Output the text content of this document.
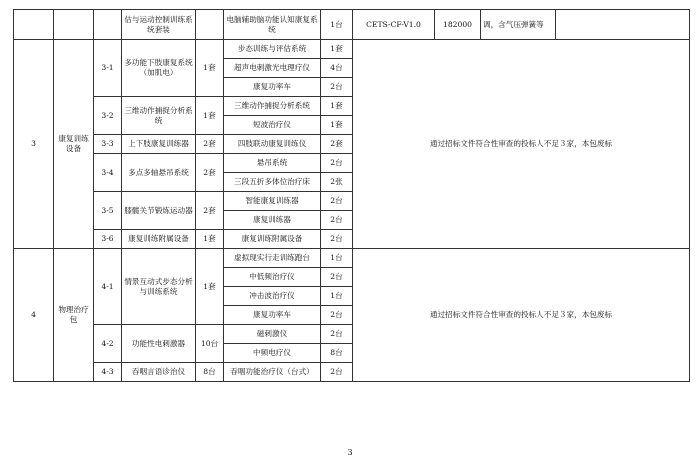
			估与运动控制训练系统套装		电脑辅助脑功能认知康复系统	1台	CETS-CF-V1.0	182000	调，含气压弹簧等	
3	康复训练设备	3-1	多功能下肢康复系统（加肌电）	1套	步态训练与评估系统	1套	通过招标文件符合性审查的投标人不足３家，本包废标			
					超声电刺激光电理疗仪	4台				
					康复功率车	2台				
		3-2	三维动作捕捉分析系统	1套	三维动作捕捉分析系统	1套				
					短波治疗仪	1套				
		3-3	上下肢康复训练器	2套	四肢联动康复训练仪	2套				
		3-4	多点多轴悬吊系统	2套	悬吊系统	2台				
					三段五折多体位治疗床	2张				
		3-5	膝髋关节锻炼运动器	2套	智能康复训练器	2台				
					康复训练器	2台				
		3-6	康复训练附属设备	1套	康复训练附属设备	2台				
4	物理治疗包	4-1	情景互动式步态分析与训练系统	1套	虚拟现实行走训练跑台	1台	通过招标文件符合性审查的投标人不足３家，本包废标			
					中低频治疗仪	2台				
					冲击波治疗仪	1台				
					康复功率车	2台				
		4-2	功能性电刺激器	10台	磁刺激仪	2台				
					中频电疗仪	8台				
		4-3	吞咽言语诊治仪	8台	吞咽功能治疗仪（台式）	2台				
3
